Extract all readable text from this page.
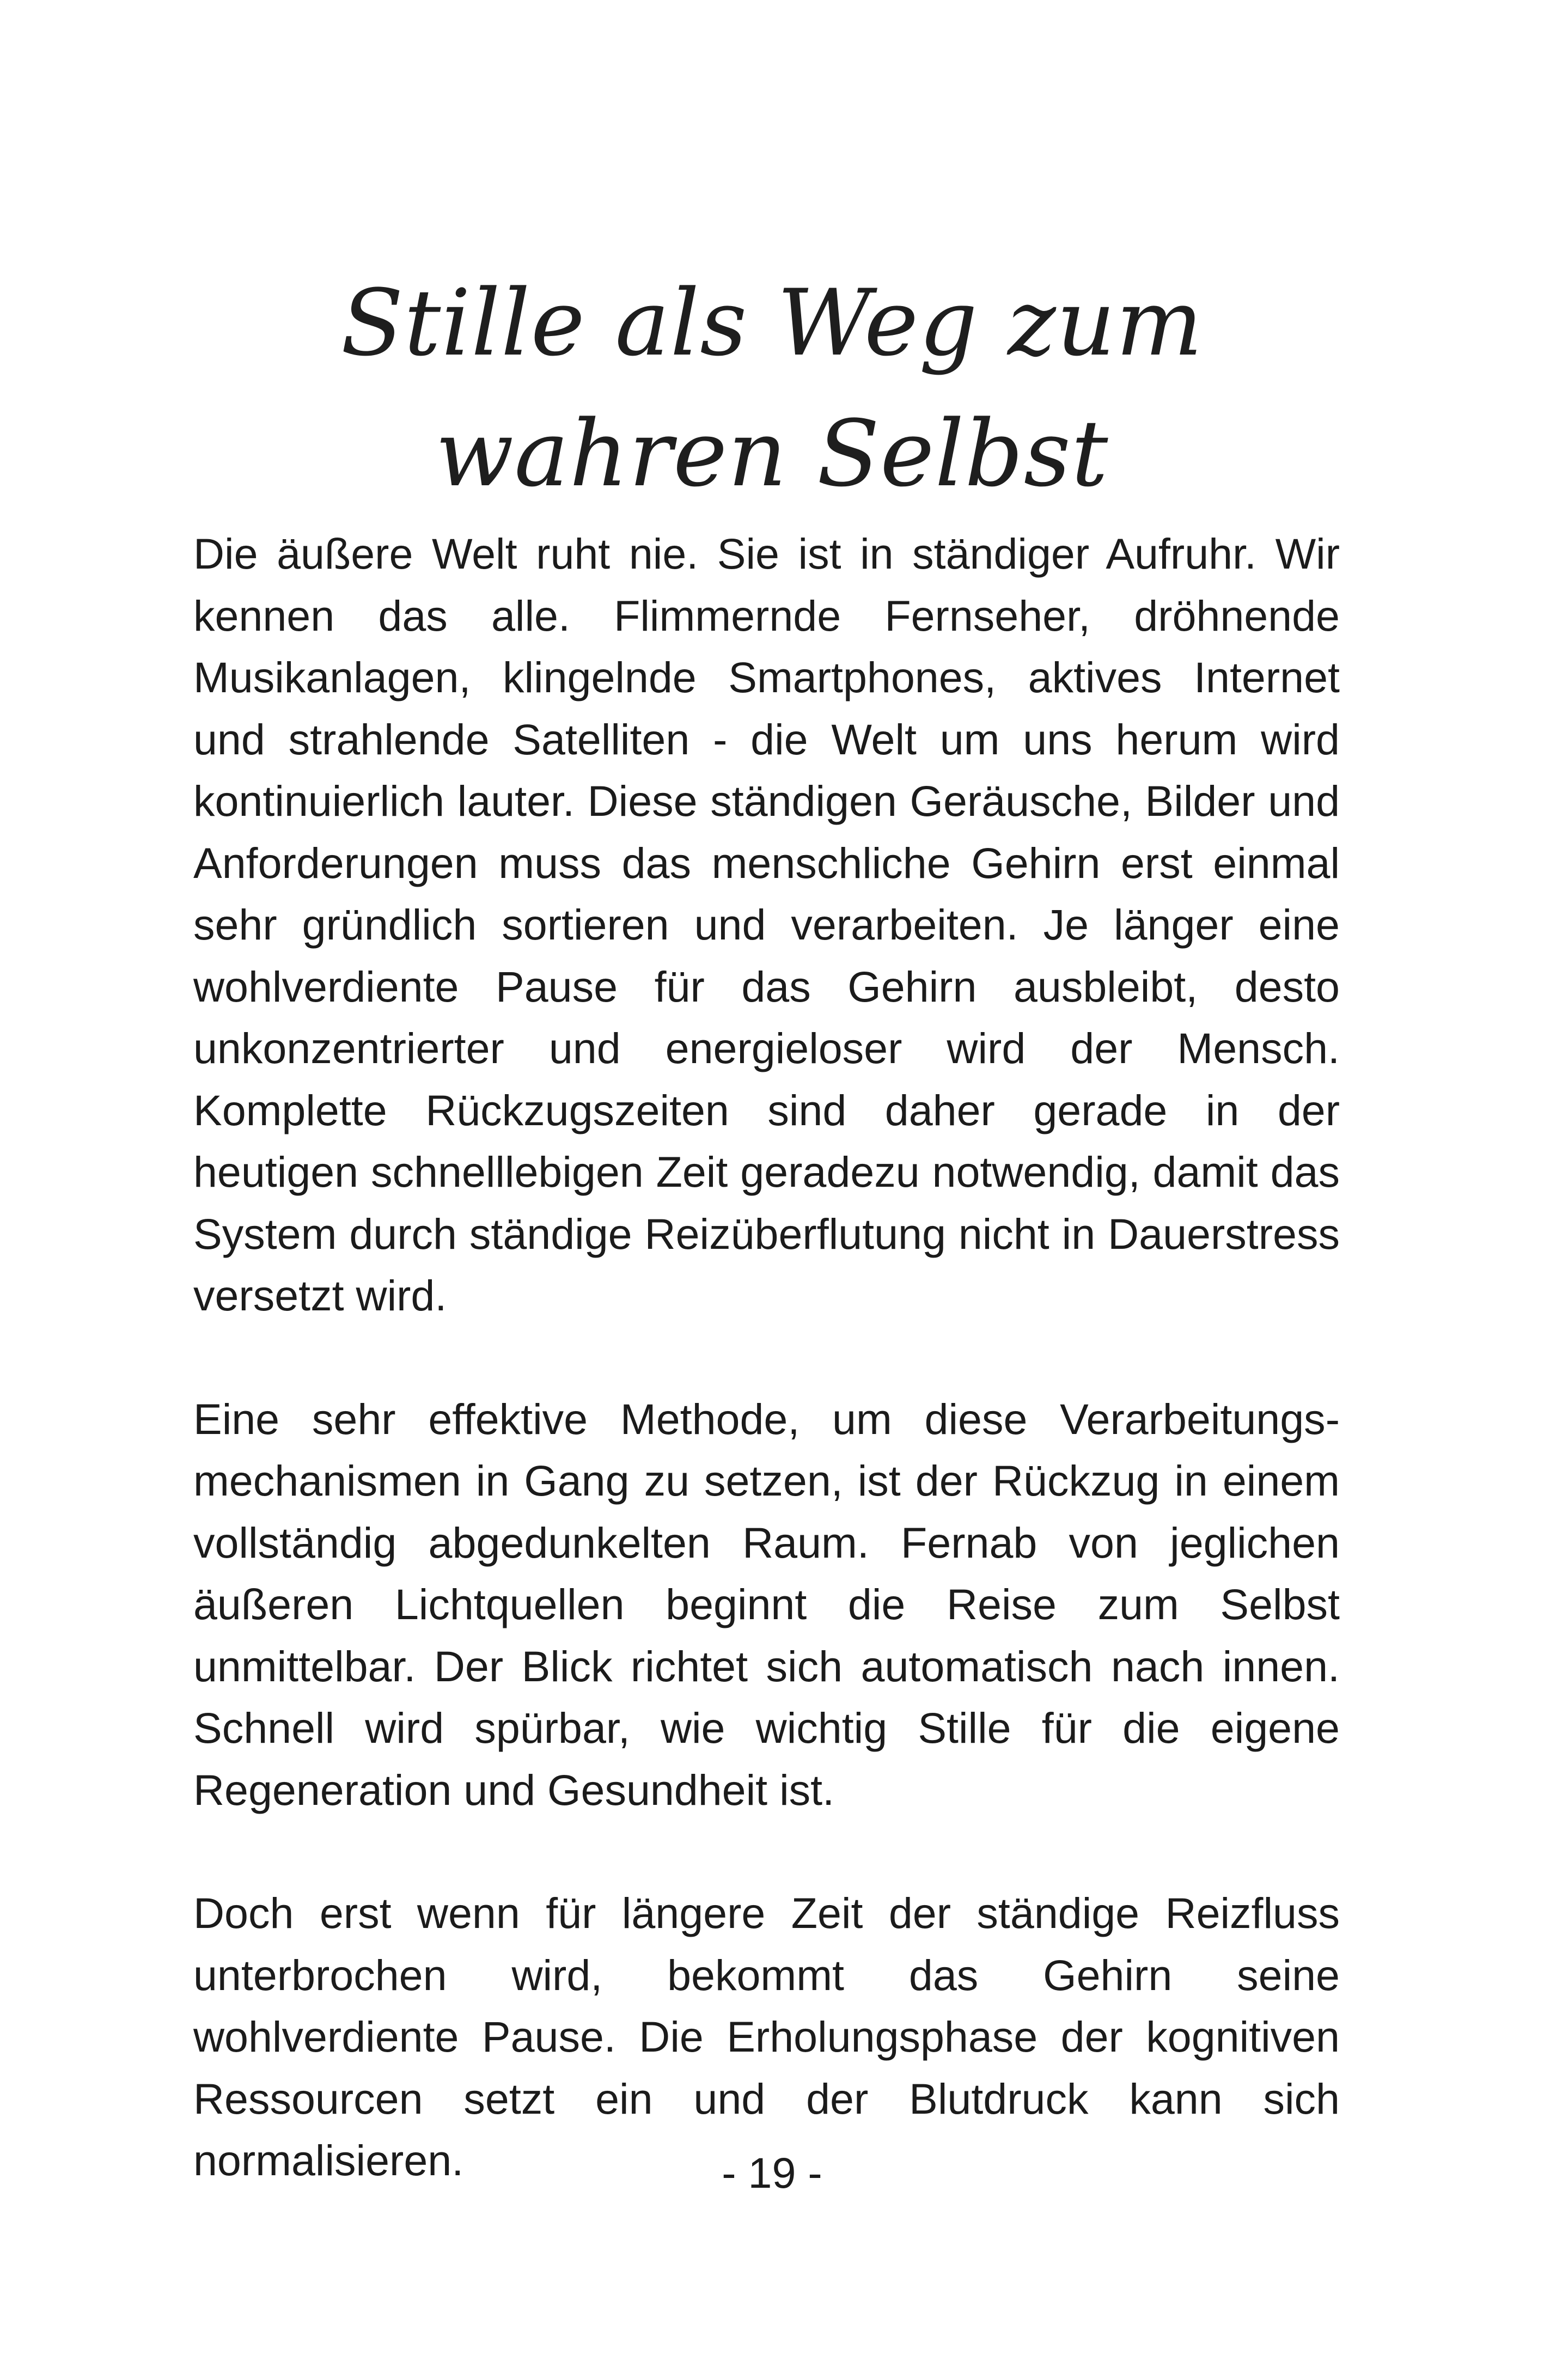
Stille als Weg zum
wahren Selbst

Die äußere Welt ruht nie. Sie ist in ständiger Aufruhr. Wir kennen das alle. Flimmernde Fernseher, dröhnende Musikanlagen, klingelnde Smartphones, aktives Internet und strahlende Satelliten - die Welt um uns herum wird kontinuierlich lauter. Diese ständigen Geräusche, Bilder und Anforderungen muss das menschliche Gehirn erst einmal sehr gründlich sortieren und verarbeiten. Je länger eine wohlverdiente Pause für das Gehirn ausbleibt, desto unkonzentrierter und energieloser wird der Mensch. Komplette Rückzugszeiten sind daher gerade in der heutigen schnelllebigen Zeit geradezu notwendig, damit das System durch ständige Reizüberflutung nicht in Dauerstress versetzt wird.

Eine sehr effektive Methode, um diese Verarbeitungsmechanismen in Gang zu setzen, ist der Rückzug in einem vollständig abgedunkelten Raum. Fernab von jeglichen äußeren Lichtquellen beginnt die Reise zum Selbst unmittelbar. Der Blick richtet sich automatisch nach innen. Schnell wird spürbar, wie wichtig Stille für die eigene Regeneration und Gesundheit ist.

Doch erst wenn für längere Zeit der ständige Reizfluss unterbrochen wird, bekommt das Gehirn seine wohlverdiente Pause. Die Erholungsphase der kognitiven Ressourcen setzt ein und der Blutdruck kann sich normalisieren.	- 19 -
